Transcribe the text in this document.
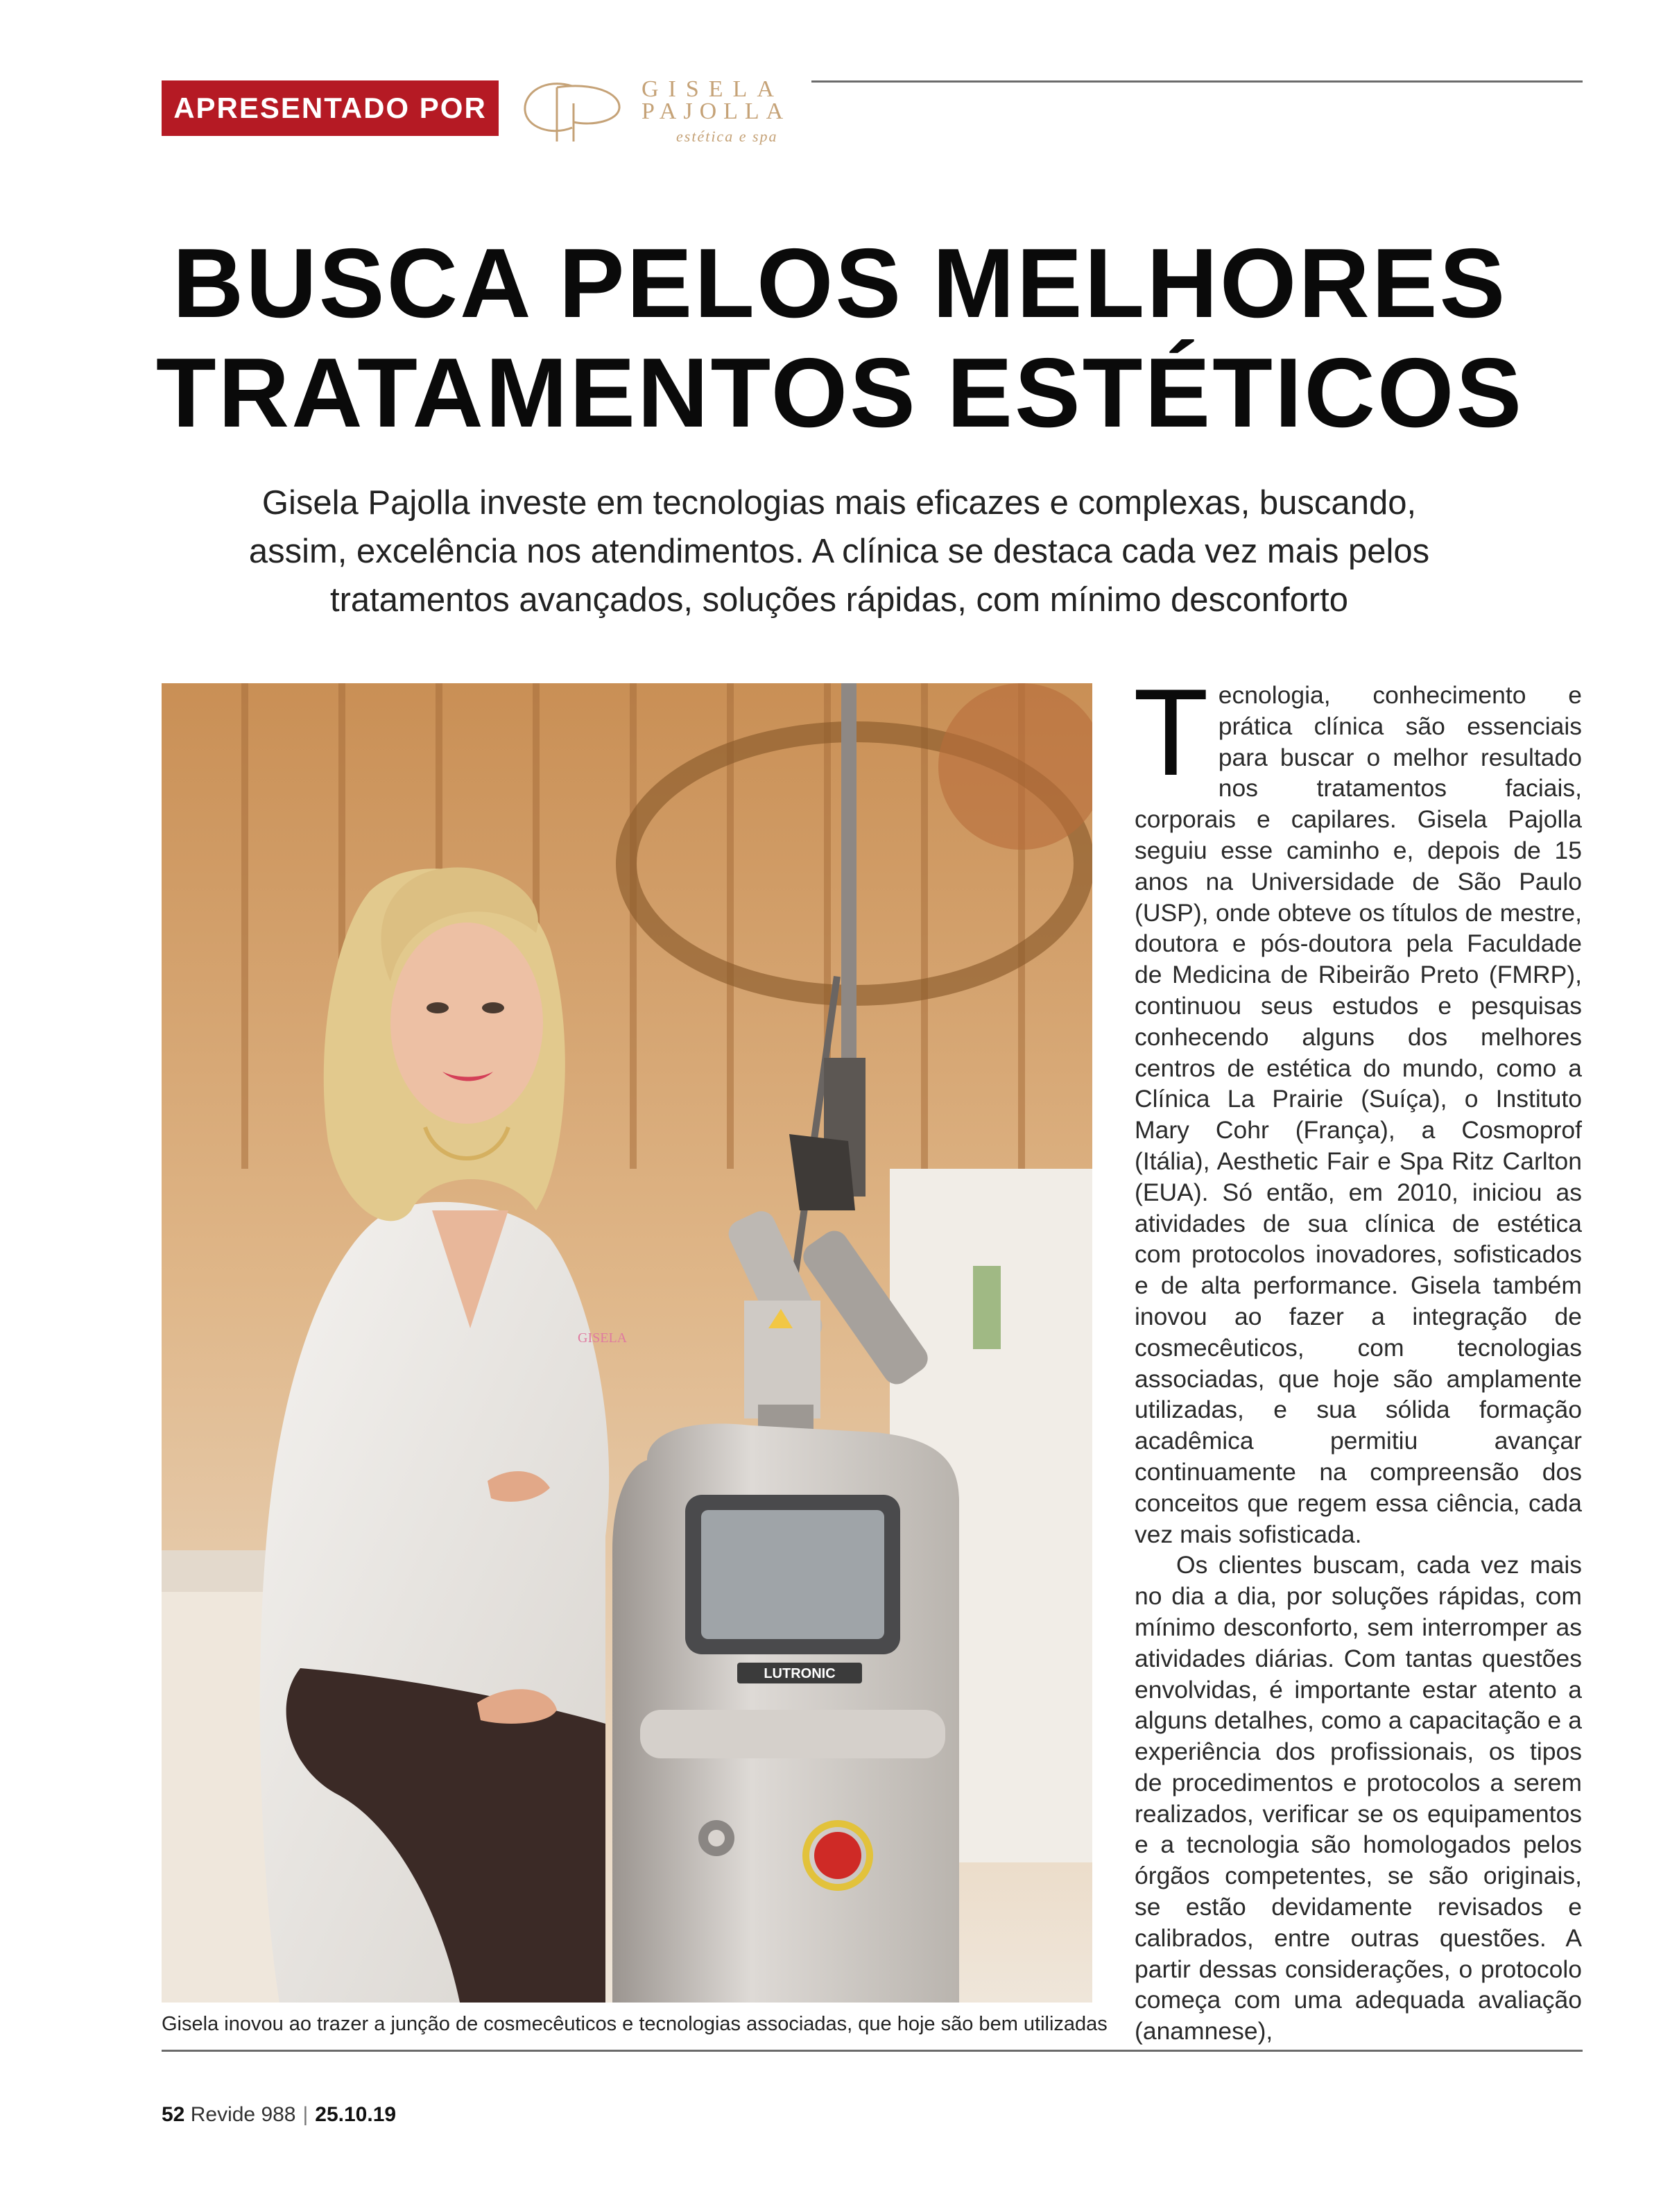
APRESENTADO POR
GISELA
PAJOLLA
estética e spa
BUSCA PELOS MELHORES
TRATAMENTOS ESTÉTICOS
Gisela Pajolla investe em tecnologias mais eficazes e complexas, buscando, assim, excelência nos atendimentos. A clínica se destaca cada vez mais pelos tratamentos avançados, soluções rápidas, com mínimo desconforto
LUTRONIC
GISELA
Gisela inovou ao trazer a junção de cosmecêuticos e tecnologias associadas, que hoje são bem utilizadas

Tecnologia, conhecimento e prática clínica são essenciais para buscar o melhor resultado nos tratamentos faciais, corporais e capilares. Gisela Pajolla seguiu esse caminho e, depois de 15 anos na Universidade de São Paulo (USP), onde obteve os títulos de mestre, doutora e pós-doutora pela Faculdade de Medicina de Ribeirão Preto (FMRP), continuou seus estudos e pesquisas conhecendo alguns dos melhores centros de estética do mundo, como a Clínica La Prairie (Suíça), o Instituto Mary Cohr (França), a Cosmoprof (Itália), Aesthetic Fair e Spa Ritz Carlton (EUA). Só então, em 2010, iniciou as atividades de sua clínica de estética com protocolos inovadores, sofisticados e de alta performance. Gisela também inovou ao fazer a integração de cosmecêuticos, com tecnologias associadas, que hoje são amplamente utilizadas, e sua sólida formação acadêmica permitiu avançar continuamente na compreensão dos conceitos que regem essa ciência, cada vez mais sofisticada.

Os clientes buscam, cada vez mais no dia a dia, por soluções rápidas, com mínimo desconforto, sem interromper as atividades diárias. Com tantas questões envolvidas, é importante estar atento a alguns detalhes, como a capacitação e a experiência dos profissionais, os tipos de procedimentos e protocolos a serem realizados, verificar se os equipamentos e a tecnologia são homologados pelos órgãos competentes, se são originais, se estão devidamente revisados e calibrados, entre outras questões. A partir dessas considerações, o protocolo começa com uma adequada avaliação (anamnese),

52 Revide 988 | 25.10.19
